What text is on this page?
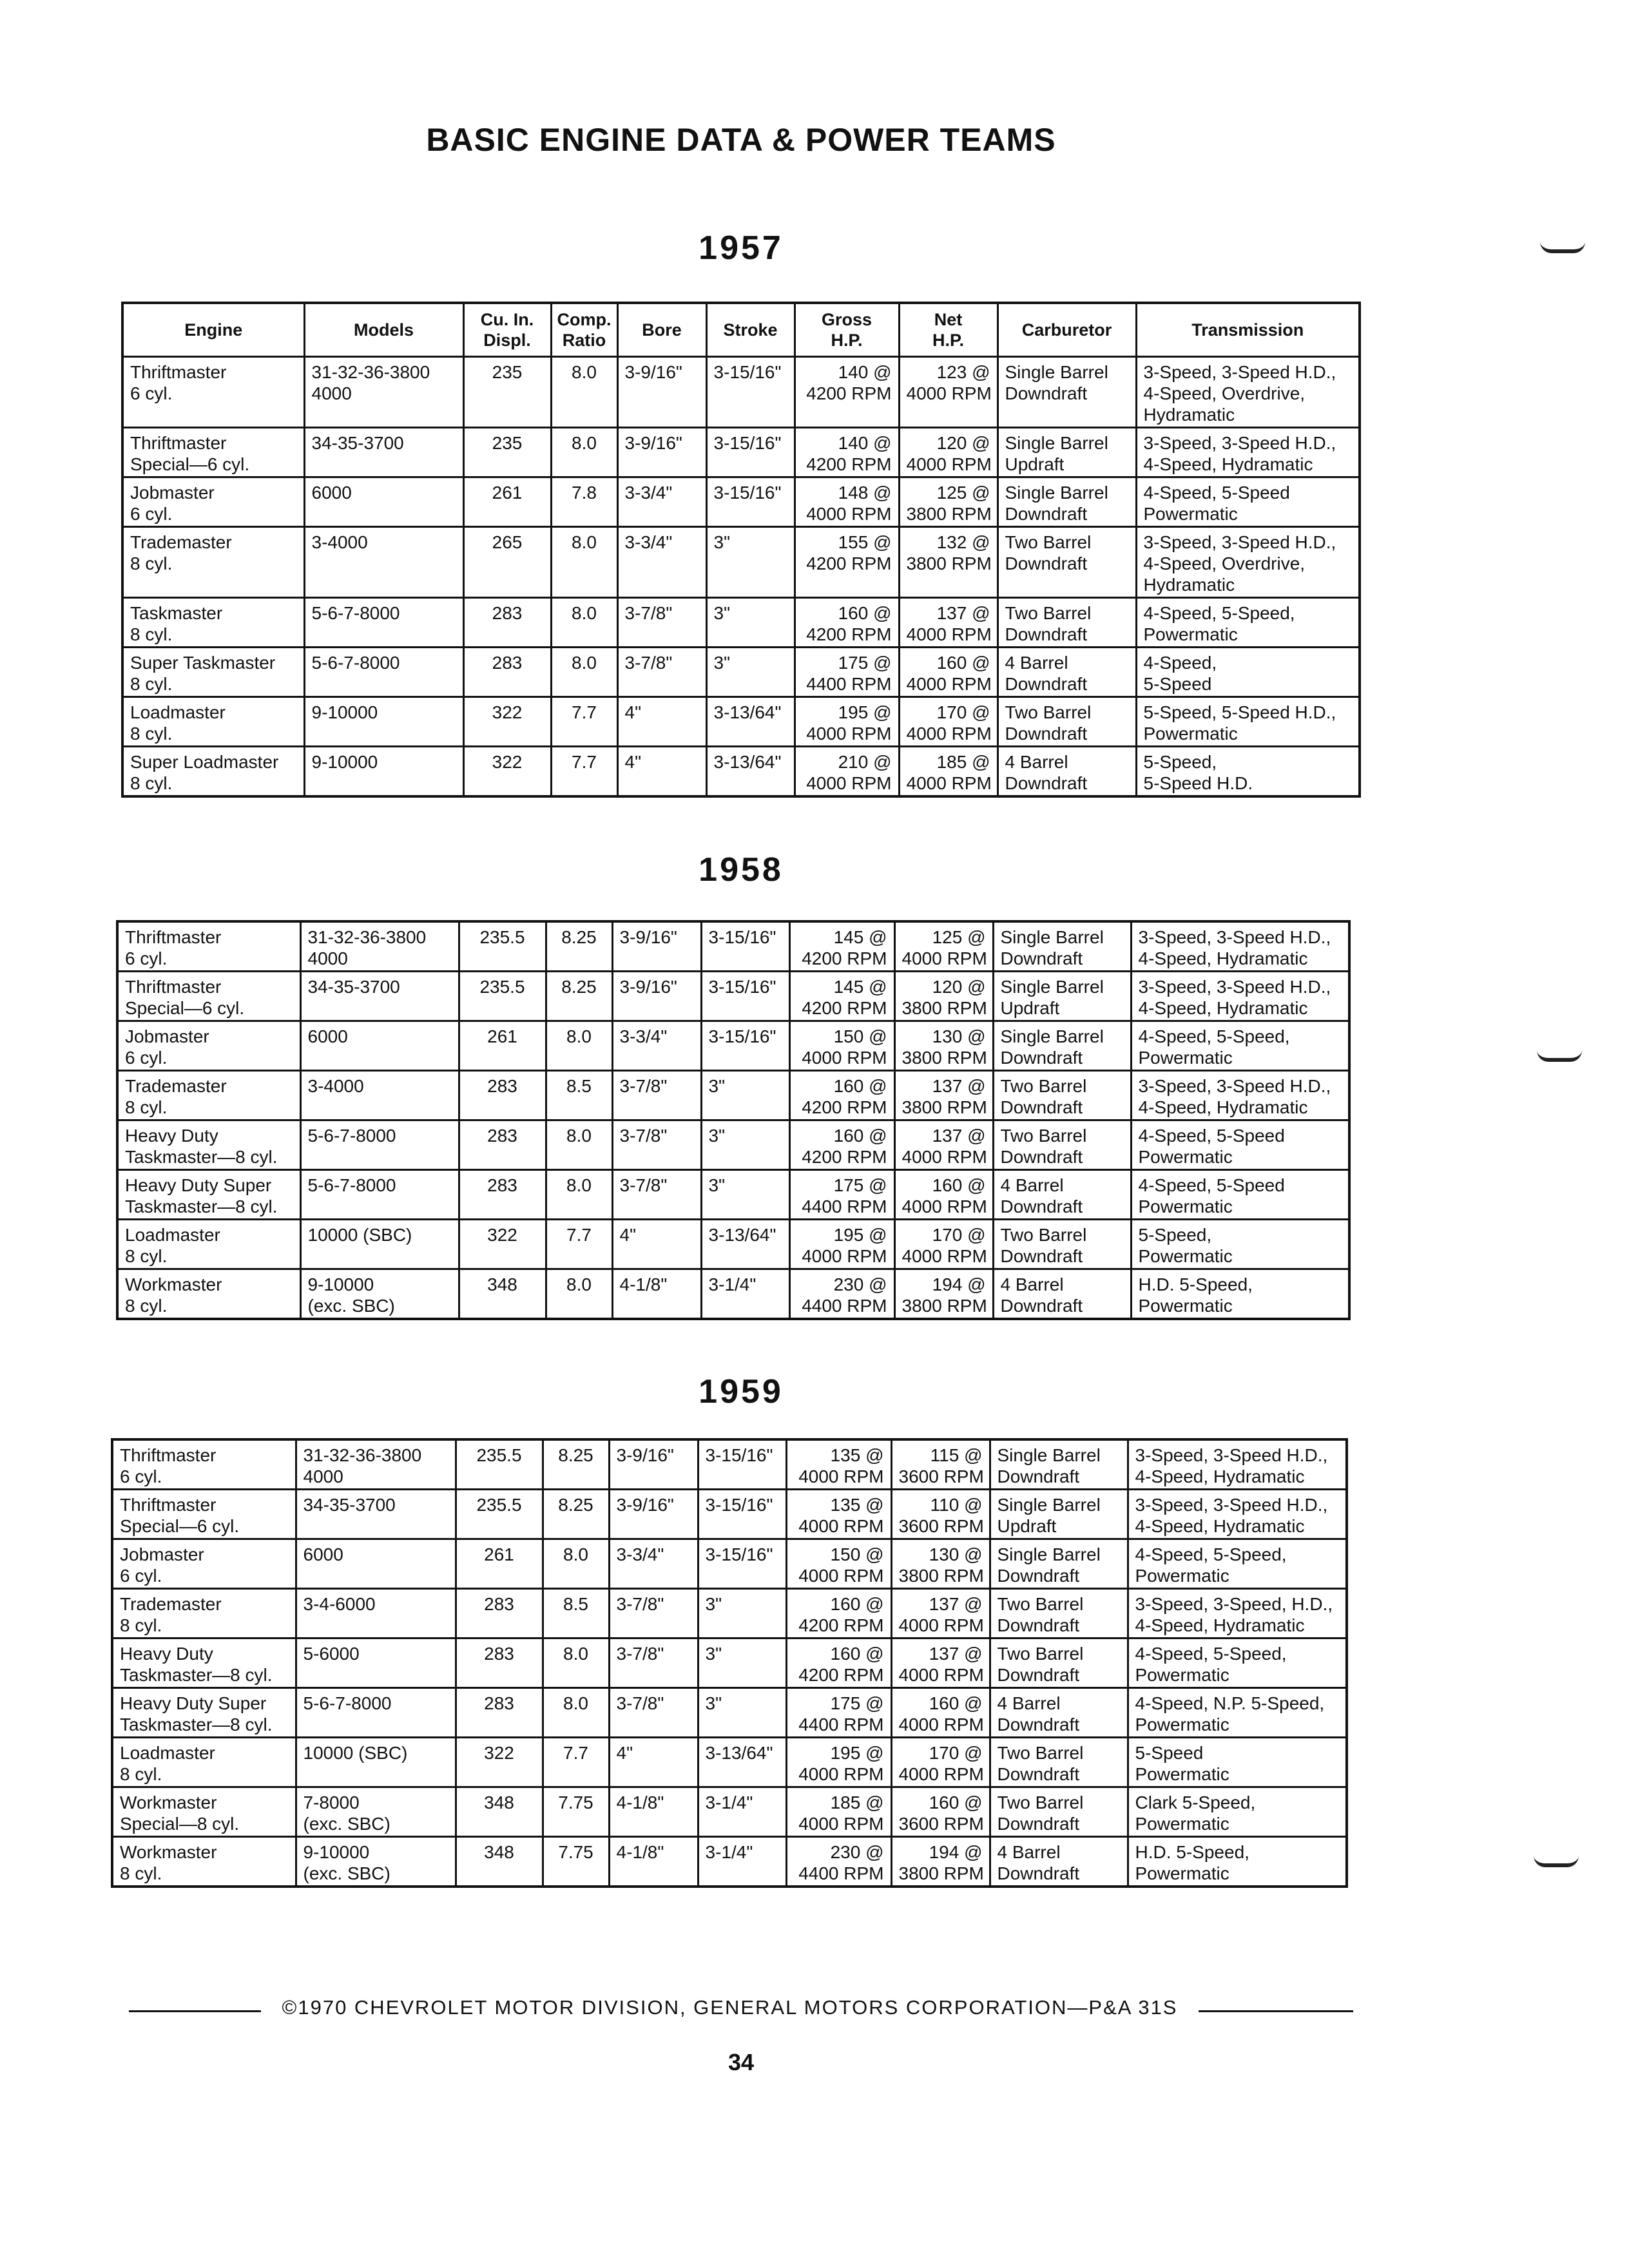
BASIC ENGINE DATA & POWER TEAMS
1957
Engine	Models	Cu. In.
Displ.	Comp.
Ratio	Bore	Stroke	Gross
H.P.	Net
H.P.	Carburetor	Transmission

Thriftmaster
6 cyl.	31-32-36-3800
4000	235	8.0	3-9/16"	3-15/16"	140 @
4200 RPM	123 @
4000 RPM	Single Barrel
Downdraft	3-Speed, 3-Speed H.D.,
4-Speed, Overdrive,
Hydramatic

Thriftmaster
Special—6 cyl.	34-35-3700	235	8.0	3-9/16"	3-15/16"	140 @
4200 RPM	120 @
4000 RPM	Single Barrel
Updraft	3-Speed, 3-Speed H.D.,
4-Speed, Hydramatic

Jobmaster
6 cyl.	6000	261	7.8	3-3/4"	3-15/16"	148 @
4000 RPM	125 @
3800 RPM	Single Barrel
Downdraft	4-Speed, 5-Speed
Powermatic

Trademaster
8 cyl.	3-4000	265	8.0	3-3/4"	3"	155 @
4200 RPM	132 @
3800 RPM	Two Barrel
Downdraft	3-Speed, 3-Speed H.D.,
4-Speed, Overdrive,
Hydramatic

Taskmaster
8 cyl.	5-6-7-8000	283	8.0	3-7/8"	3"	160 @
4200 RPM	137 @
4000 RPM	Two Barrel
Downdraft	4-Speed, 5-Speed,
Powermatic

Super Taskmaster
8 cyl.	5-6-7-8000	283	8.0	3-7/8"	3"	175 @
4400 RPM	160 @
4000 RPM	4 Barrel
Downdraft	4-Speed,
5-Speed

Loadmaster
8 cyl.	9-10000	322	7.7	4"	3-13/64"	195 @
4000 RPM	170 @
4000 RPM	Two Barrel
Downdraft	5-Speed, 5-Speed H.D.,
Powermatic

Super Loadmaster
8 cyl.	9-10000	322	7.7	4"	3-13/64"	210 @
4000 RPM	185 @
4000 RPM	4 Barrel
Downdraft	5-Speed,
5-Speed H.D.
1958
Thriftmaster
6 cyl.	31-32-36-3800
4000	235.5	8.25	3-9/16"	3-15/16"	145 @
4200 RPM	125 @
4000 RPM	Single Barrel
Downdraft	3-Speed, 3-Speed H.D.,
4-Speed, Hydramatic

Thriftmaster
Special—6 cyl.	34-35-3700	235.5	8.25	3-9/16"	3-15/16"	145 @
4200 RPM	120 @
3800 RPM	Single Barrel
Updraft	3-Speed, 3-Speed H.D.,
4-Speed, Hydramatic

Jobmaster
6 cyl.	6000	261	8.0	3-3/4"	3-15/16"	150 @
4000 RPM	130 @
3800 RPM	Single Barrel
Downdraft	4-Speed, 5-Speed,
Powermatic

Trademaster
8 cyl.	3-4000	283	8.5	3-7/8"	3"	160 @
4200 RPM	137 @
3800 RPM	Two Barrel
Downdraft	3-Speed, 3-Speed H.D.,
4-Speed, Hydramatic

Heavy Duty
Taskmaster—8 cyl.	5-6-7-8000	283	8.0	3-7/8"	3"	160 @
4200 RPM	137 @
4000 RPM	Two Barrel
Downdraft	4-Speed, 5-Speed
Powermatic

Heavy Duty Super
Taskmaster—8 cyl.	5-6-7-8000	283	8.0	3-7/8"	3"	175 @
4400 RPM	160 @
4000 RPM	4 Barrel
Downdraft	4-Speed, 5-Speed
Powermatic

Loadmaster
8 cyl.	10000 (SBC)	322	7.7	4"	3-13/64"	195 @
4000 RPM	170 @
4000 RPM	Two Barrel
Downdraft	5-Speed,
Powermatic

Workmaster
8 cyl.	9-10000
(exc. SBC)	348	8.0	4-1/8"	3-1/4"	230 @
4400 RPM	194 @
3800 RPM	4 Barrel
Downdraft	H.D. 5-Speed,
Powermatic
1959
Thriftmaster
6 cyl.	31-32-36-3800
4000	235.5	8.25	3-9/16"	3-15/16"	135 @
4000 RPM	115 @
3600 RPM	Single Barrel
Downdraft	3-Speed, 3-Speed H.D.,
4-Speed, Hydramatic

Thriftmaster
Special—6 cyl.	34-35-3700	235.5	8.25	3-9/16"	3-15/16"	135 @
4000 RPM	110 @
3600 RPM	Single Barrel
Updraft	3-Speed, 3-Speed H.D.,
4-Speed, Hydramatic

Jobmaster
6 cyl.	6000	261	8.0	3-3/4"	3-15/16"	150 @
4000 RPM	130 @
3800 RPM	Single Barrel
Downdraft	4-Speed, 5-Speed,
Powermatic

Trademaster
8 cyl.	3-4-6000	283	8.5	3-7/8"	3"	160 @
4200 RPM	137 @
4000 RPM	Two Barrel
Downdraft	3-Speed, 3-Speed, H.D.,
4-Speed, Hydramatic

Heavy Duty
Taskmaster—8 cyl.	5-6000	283	8.0	3-7/8"	3"	160 @
4200 RPM	137 @
4000 RPM	Two Barrel
Downdraft	4-Speed, 5-Speed,
Powermatic

Heavy Duty Super
Taskmaster—8 cyl.	5-6-7-8000	283	8.0	3-7/8"	3"	175 @
4400 RPM	160 @
4000 RPM	4 Barrel
Downdraft	4-Speed, N.P. 5-Speed,
Powermatic

Loadmaster
8 cyl.	10000 (SBC)	322	7.7	4"	3-13/64"	195 @
4000 RPM	170 @
4000 RPM	Two Barrel
Downdraft	5-Speed
Powermatic

Workmaster
Special—8 cyl.	7-8000
(exc. SBC)	348	7.75	4-1/8"	3-1/4"	185 @
4000 RPM	160 @
3600 RPM	Two Barrel
Downdraft	Clark 5-Speed,
Powermatic

Workmaster
8 cyl.	9-10000
(exc. SBC)	348	7.75	4-1/8"	3-1/4"	230 @
4400 RPM	194 @
3800 RPM	4 Barrel
Downdraft	H.D. 5-Speed,
Powermatic
©1970 CHEVROLET MOTOR DIVISION, GENERAL MOTORS CORPORATION—P&A 31S
34
